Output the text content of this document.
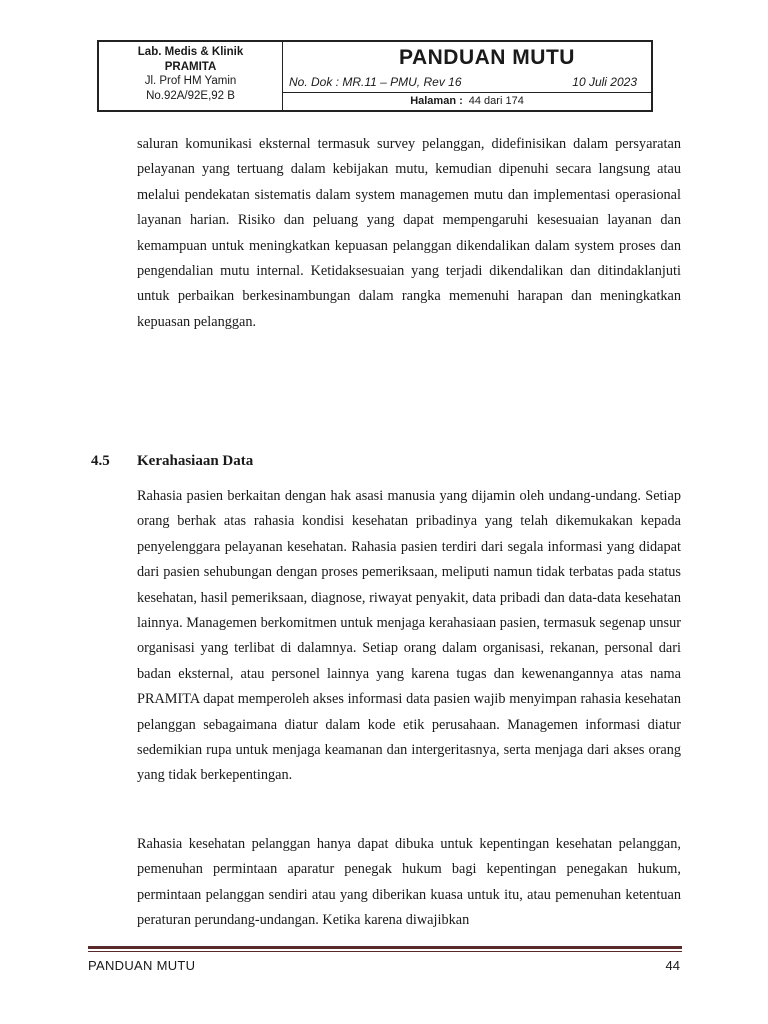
Lab. Medis & Klinik
PRAMITA
Jl. Prof HM Yamin
No.92A/92E,92 B
PANDUAN MUTU
No. Dok : MR.11 – PMU, Rev 16	10 Juli 2023
Halaman : 44 dari 174

saluran komunikasi eksternal termasuk survey pelanggan, didefinisikan dalam persyaratan pelayanan yang tertuang dalam kebijakan mutu, kemudian dipenuhi secara langsung atau melalui pendekatan sistematis dalam system managemen mutu dan implementasi operasional layanan harian. Risiko dan peluang yang dapat mempengaruhi kesesuaian layanan dan kemampuan untuk meningkatkan kepuasan pelanggan dikendalikan dalam system proses dan pengendalian mutu internal. Ketidaksesuaian yang terjadi dikendalikan dan ditindaklanjuti untuk perbaikan berkesinambungan dalam rangka memenuhi harapan dan meningkatkan kepuasan pelanggan.

4.5 Kerahasiaan Data

Rahasia pasien berkaitan dengan hak asasi manusia yang dijamin oleh undang-undang. Setiap orang berhak atas rahasia kondisi kesehatan pribadinya yang telah dikemukakan kepada penyelenggara pelayanan kesehatan. Rahasia pasien terdiri dari segala informasi yang didapat dari pasien sehubungan dengan proses pemeriksaan, meliputi namun tidak terbatas pada status kesehatan, hasil pemeriksaan, diagnose, riwayat penyakit, data pribadi dan data-data kesehatan lainnya. Managemen berkomitmen untuk menjaga kerahasiaan pasien, termasuk segenap unsur organisasi yang terlibat di dalamnya. Setiap orang dalam organisasi, rekanan, personal dari badan eksternal, atau personel lainnya yang karena tugas dan kewenangannya atas nama PRAMITA dapat memperoleh akses informasi data pasien wajib menyimpan rahasia kesehatan pelanggan sebagaimana diatur dalam kode etik perusahaan. Managemen informasi diatur sedemikian rupa untuk menjaga keamanan dan intergeritasnya, serta menjaga dari akses orang yang tidak berkepentingan.

Rahasia kesehatan pelanggan hanya dapat dibuka untuk kepentingan kesehatan pelanggan, pemenuhan permintaan aparatur penegak hukum bagi kepentingan penegakan hukum, permintaan pelanggan sendiri atau yang diberikan kuasa untuk itu, atau pemenuhan ketentuan peraturan perundang-undangan. Ketika karena diwajibkan

PANDUAN MUTU	44
